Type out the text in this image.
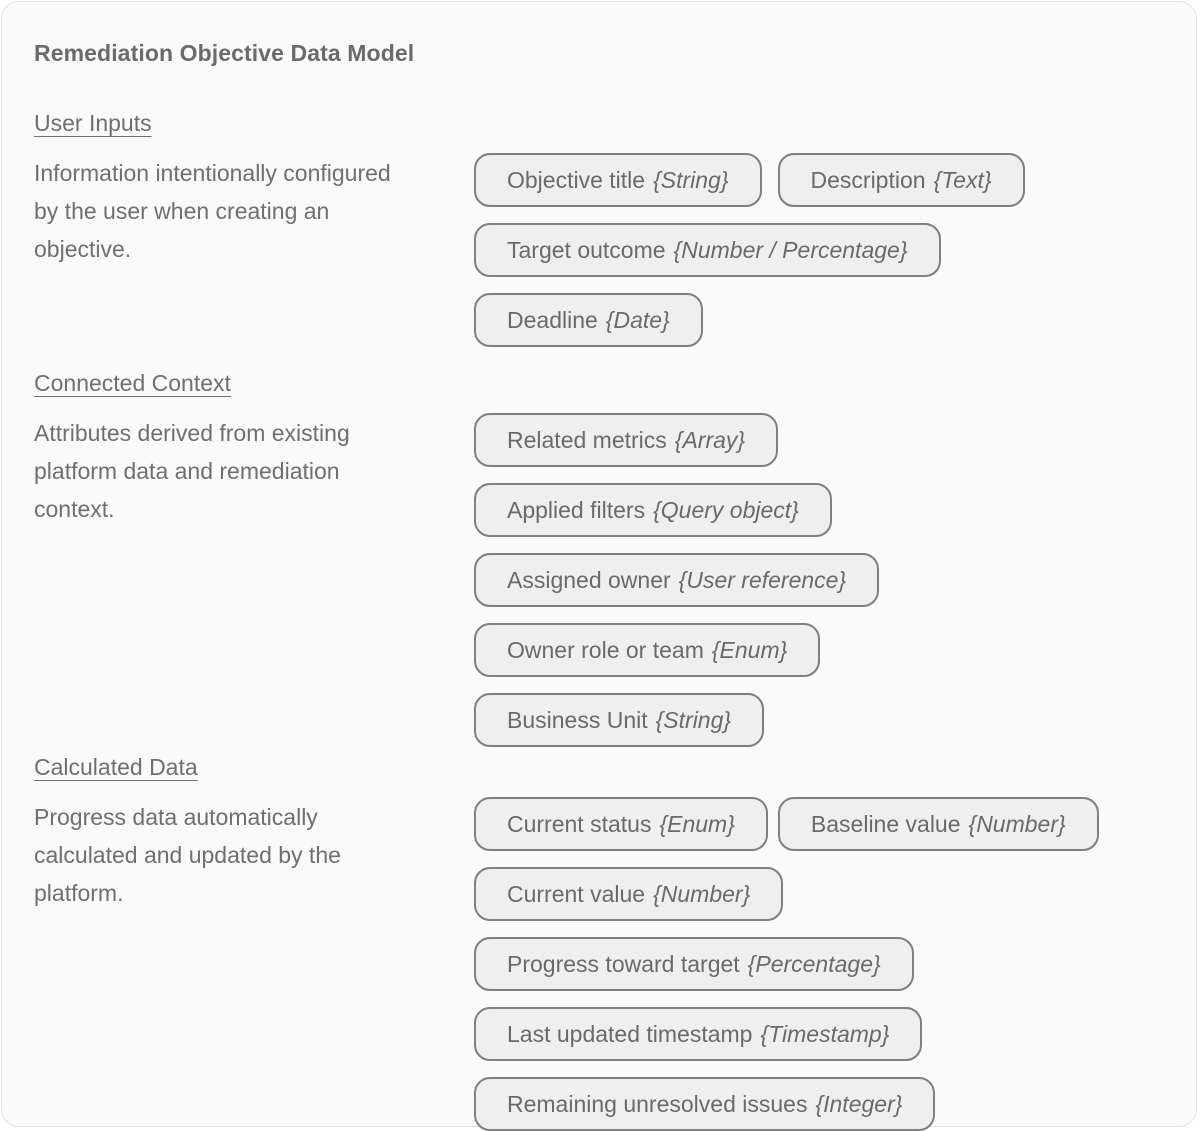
Remediation Objective Data Model
User Inputs
Information intentionally configured by the user when creating an objective.
Objective title {String}	Description {Text}
Target outcome {Number / Percentage}
Deadline {Date}
Connected Context
Attributes derived from existing platform data and remediation context.
Related metrics {Array}
Applied filters {Query object}
Assigned owner {User reference}
Owner role or team {Enum}
Business Unit {String}
Calculated Data
Progress data automatically calculated and updated by the platform.
Current status {Enum}	Baseline value {Number}
Current value {Number}
Progress toward target {Percentage}
Last updated timestamp {Timestamp}
Remaining unresolved issues {Integer}
